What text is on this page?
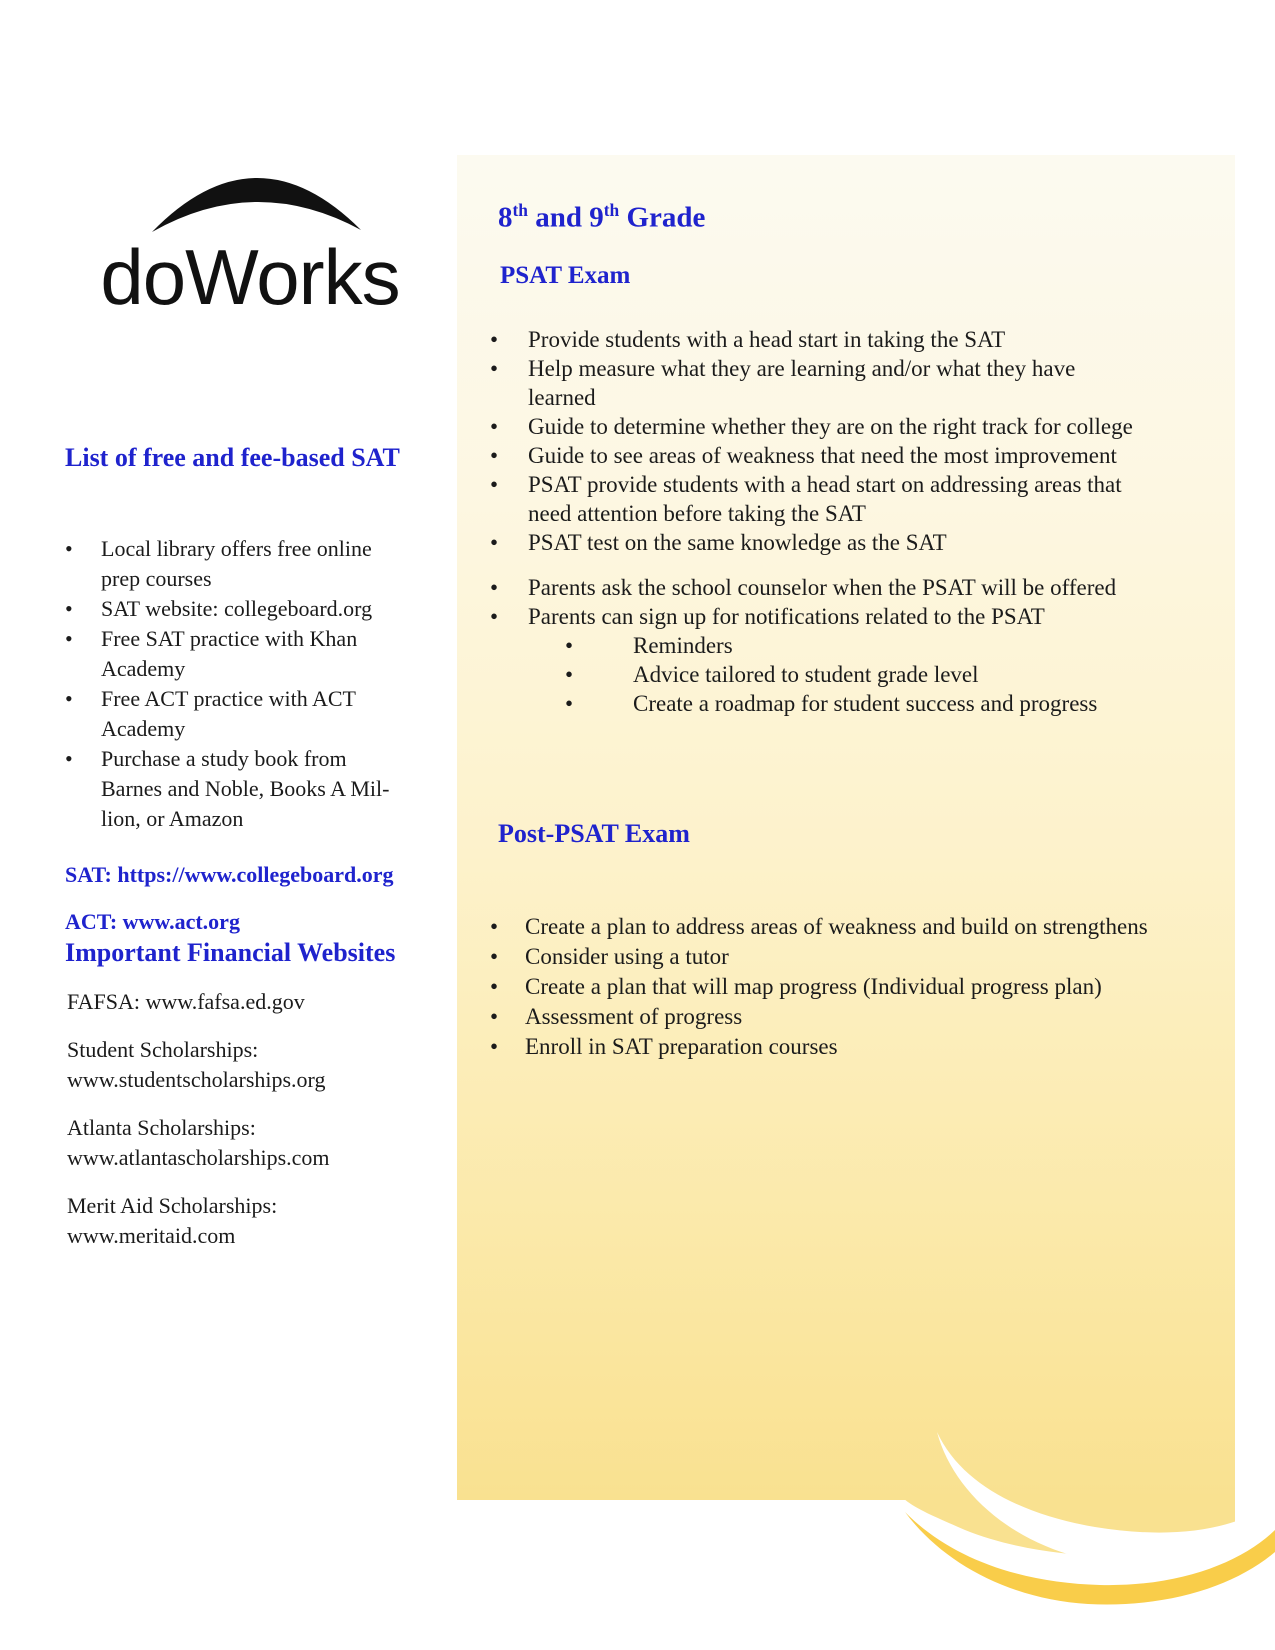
doWorks
List of free and fee-based SAT
•	Local library offers free online
prep courses
•	SAT website: collegeboard.org
•	Free SAT practice with Khan
Academy
•	Free ACT practice with ACT
Academy
•	Purchase a study book from
Barnes and Noble, Books A Mil-
lion, or Amazon

SAT: https://www.collegeboard.org

ACT: www.act.org

Important Financial Websites

FAFSA: www.fafsa.ed.gov

Student Scholarships:
www.studentscholarships.org

Atlanta Scholarships:
www.atlantascholarships.com

Merit Aid Scholarships:
www.meritaid.com

8th and 9th Grade
PSAT Exam
•	Provide students with a head start in taking the SAT
•	Help measure what they are learning and/or what they have
learned
•	Guide to determine whether they are on the right track for college
•	Guide to see areas of weakness that need the most improvement
•	PSAT provide students with a head start on addressing areas that
need attention before taking the SAT
•	PSAT test on the same knowledge as the SAT
•	Parents ask the school counselor when the PSAT will be offered
•	Parents can sign up for notifications related to the PSAT
•	Reminders
•	Advice tailored to student grade level
•	Create a roadmap for student success and progress
Post-PSAT Exam
•	Create a plan to address areas of weakness and build on strengthens
•	Consider using a tutor
•	Create a plan that will map progress (Individual progress plan)
•	Assessment of progress
•	Enroll in SAT preparation courses
